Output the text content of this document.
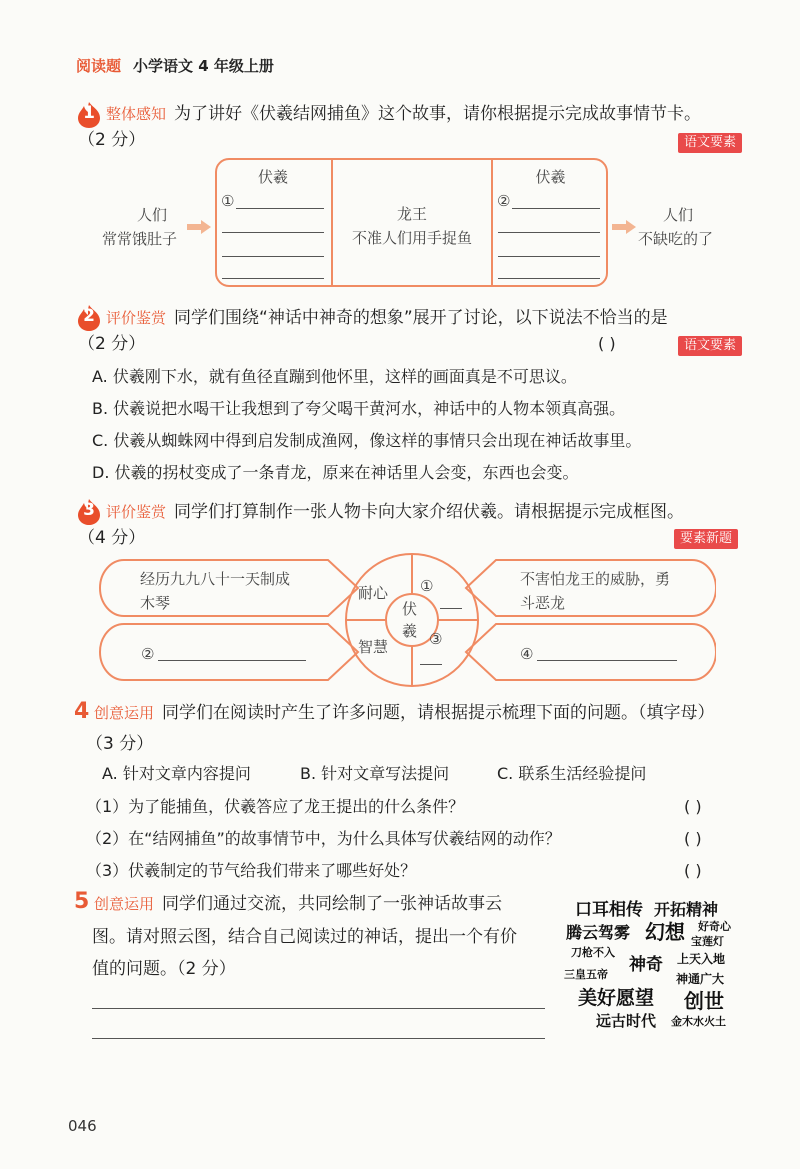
阅读题 小学语文 4 年级上册
1 整体感知 为了讲好《伏羲结网捕鱼》这个故事，请你根据提示完成故事情节卡。
（2 分）	语文要素
人们
常常饿肚子
伏羲
①
龙王
不准人们用手捉鱼
伏羲
②
人们
不缺吃的了
2 评价鉴赏 同学们围绕“神话中神奇的想象”展开了讨论，以下说法不恰当的是
（2 分）	( )	语文要素
A. 伏羲刚下水，就有鱼径直蹦到他怀里，这样的画面真是不可思议。
B. 伏羲说把水喝干让我想到了夸父喝干黄河水，神话中的人物本领真高强。
C. 伏羲从蜘蛛网中得到启发制成渔网，像这样的事情只会出现在神话故事里。
D. 伏羲的拐杖变成了一条青龙，原来在神话里人会变，东西也会变。
3 评价鉴赏 同学们打算制作一张人物卡向大家介绍伏羲。请根据提示完成框图。
（4 分）	要素新题
经历九九八十一天制成
木琴
不害怕龙王的威胁，勇
斗恶龙
②	④
耐心 ①
智慧	③
伏
羲
4 创意运用 同学们在阅读时产生了许多问题，请根据提示梳理下面的问题。（填字母）
（3 分）
A. 针对文章内容提问	B. 针对文章写法提问	C. 联系生活经验提问
（1）为了能捕鱼，伏羲答应了龙王提出的什么条件？	( )
（2）在“结网捕鱼”的故事情节中，为什么具体写伏羲结网的动作？	( )
（3）伏羲制定的节气给我们带来了哪些好处？	( )
5 创意运用 同学们通过交流，共同绘制了一张神话故事云
图。请对照云图，结合自己阅读过的神话，提出一个有价
值的问题。（2 分）
口耳相传 开拓精神
腾云驾雾 幻想 好奇心
宝莲灯
刀枪不入
神奇 上天入地
三皇五帝	神通广大
美好愿望 创世
远古时代 金木水火土
046
